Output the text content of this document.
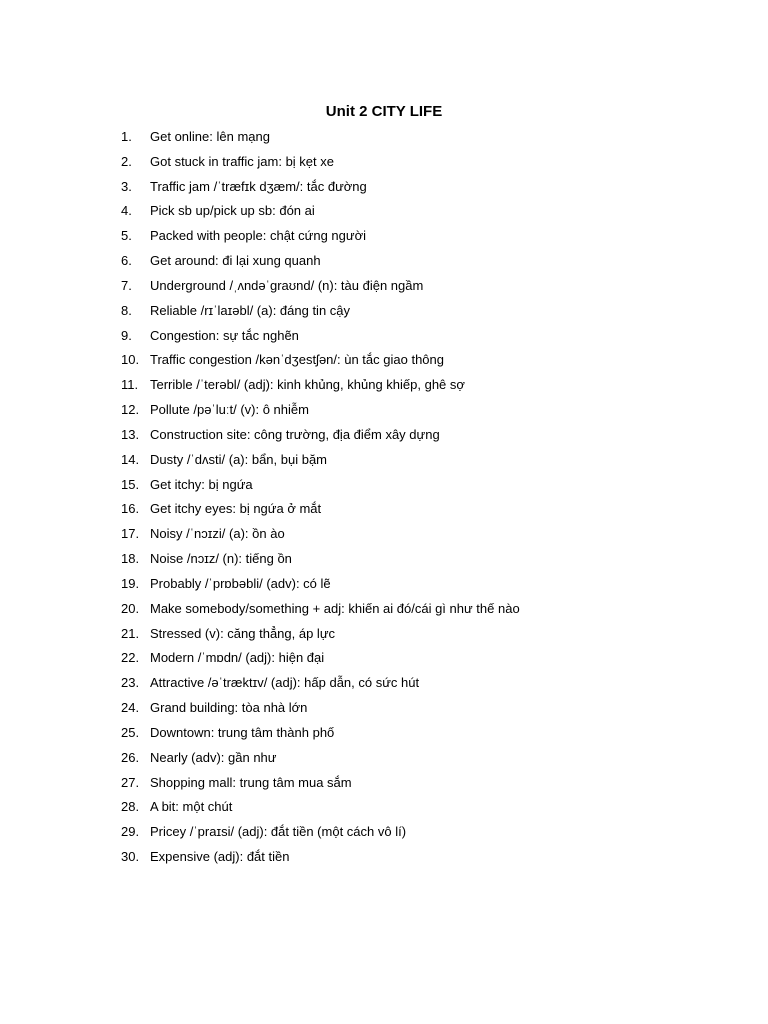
Unit 2 CITY LIFE
1. Get online: lên mạng
2. Got stuck in traffic jam: bị kẹt xe
3. Traffic jam /ˈtræfɪk dʒæm/: tắc đường
4. Pick sb up/pick up sb: đón ai
5. Packed with people: chật cứng người
6. Get around: đi lại xung quanh
7. Underground /ˌʌndəˈgraʊnd/ (n): tàu điện ngầm
8. Reliable /rɪˈlaɪəbl/ (a): đáng tin cậy
9. Congestion: sự tắc nghẽn
10. Traffic congestion /kənˈdʒestʃən/: ùn tắc giao thông
11. Terrible /ˈterəbl/ (adj): kinh khủng, khủng khiếp, ghê sợ
12. Pollute /pəˈluːt/ (v): ô nhiễm
13. Construction site: công trường, địa điểm xây dựng
14. Dusty /ˈdʌsti/ (a): bẩn, bụi bặm
15. Get itchy: bị ngứa
16. Get itchy eyes: bị ngứa ở mắt
17. Noisy /ˈnɔɪzi/ (a): ồn ào
18. Noise /nɔɪz/ (n): tiếng ồn
19. Probably /ˈprɒbəbli/ (adv): có lẽ
20. Make somebody/something + adj: khiến ai đó/cái gì như thế nào
21. Stressed (v): căng thẳng, áp lực
22. Modern /ˈmɒdn/ (adj): hiện đại
23. Attractive /əˈtræktɪv/ (adj): hấp dẫn, có sức hút
24. Grand building: tòa nhà lớn
25. Downtown: trung tâm thành phố
26. Nearly (adv): gần như
27. Shopping mall: trung tâm mua sắm
28. A bit: một chút
29. Pricey /ˈpraɪsi/ (adj): đắt tiền (một cách vô lí)
30. Expensive (adj): đắt tiền
